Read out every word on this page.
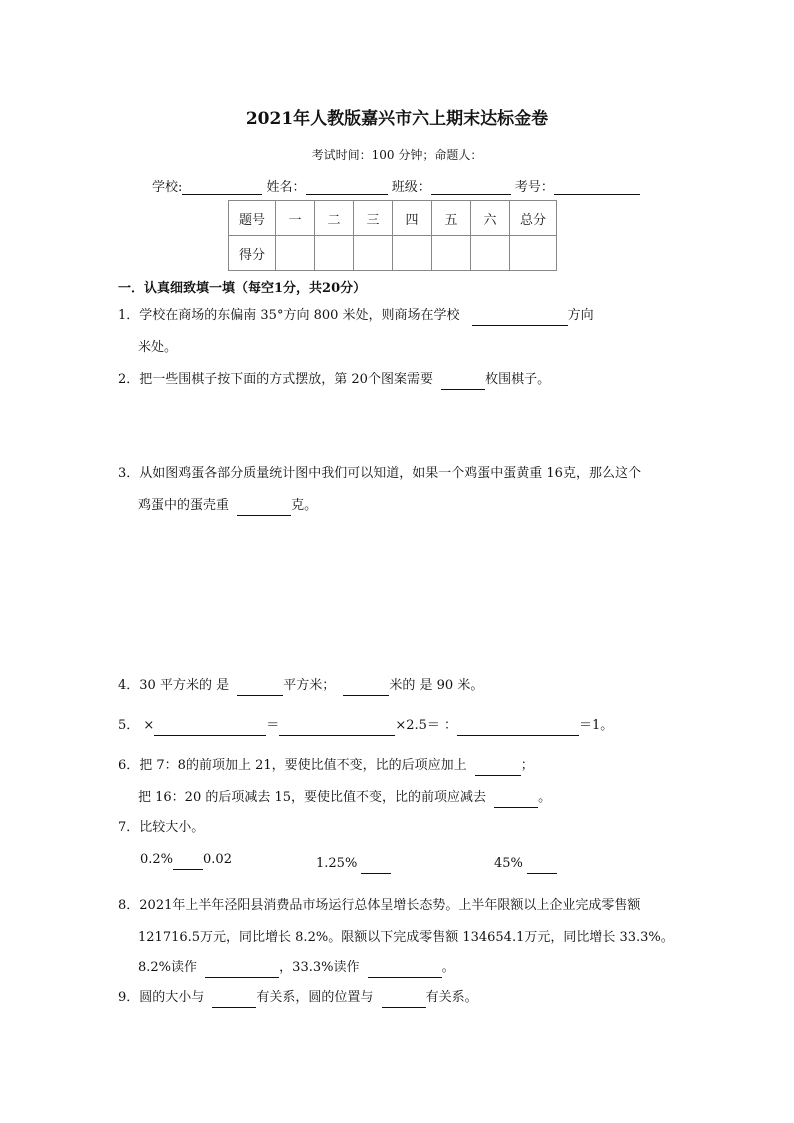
2021年人教版嘉兴市六上期末达标金卷
考试时间：100 分钟；命题人：
学校:	姓名：	班级：	考号：
题号	一	二	三	四	五	六	总分
得分							
一．认真细致填一填（每空1分，共20分）
1．学校在商场的东偏南 35°方向 800 米处，则商场在学校	方向
米处。
2．把一些围棋子按下面的方式摆放，第 20个图案需要	枚围棋子。
3．从如图鸡蛋各部分质量统计图中我们可以知道，如果一个鸡蛋中蛋黄重 16克，那么这个
鸡蛋中的蛋壳重	克。
4．30 平方米的 是	平方米；	米的 是 90 米。
5． ×	＝	×2.5＝ ：	＝1。
6．把 7：8的前项加上 21，要使比值不变，比的后项应加上	；
把 16：20 的后项减去 15，要使比值不变，比的前项应减去	。
7．比较大小。
0.2% 0.02	1.25%	45%
8．2021年上半年泾阳县消费品市场运行总体呈增长态势。上半年限额以上企业完成零售额
121716.5万元，同比增长 8.2%。限额以下完成零售额 134654.1万元，同比增长 33.3%。
8.2%读作	，33.3%读作	。
9．圆的大小与	有关系，圆的位置与	有关系。
